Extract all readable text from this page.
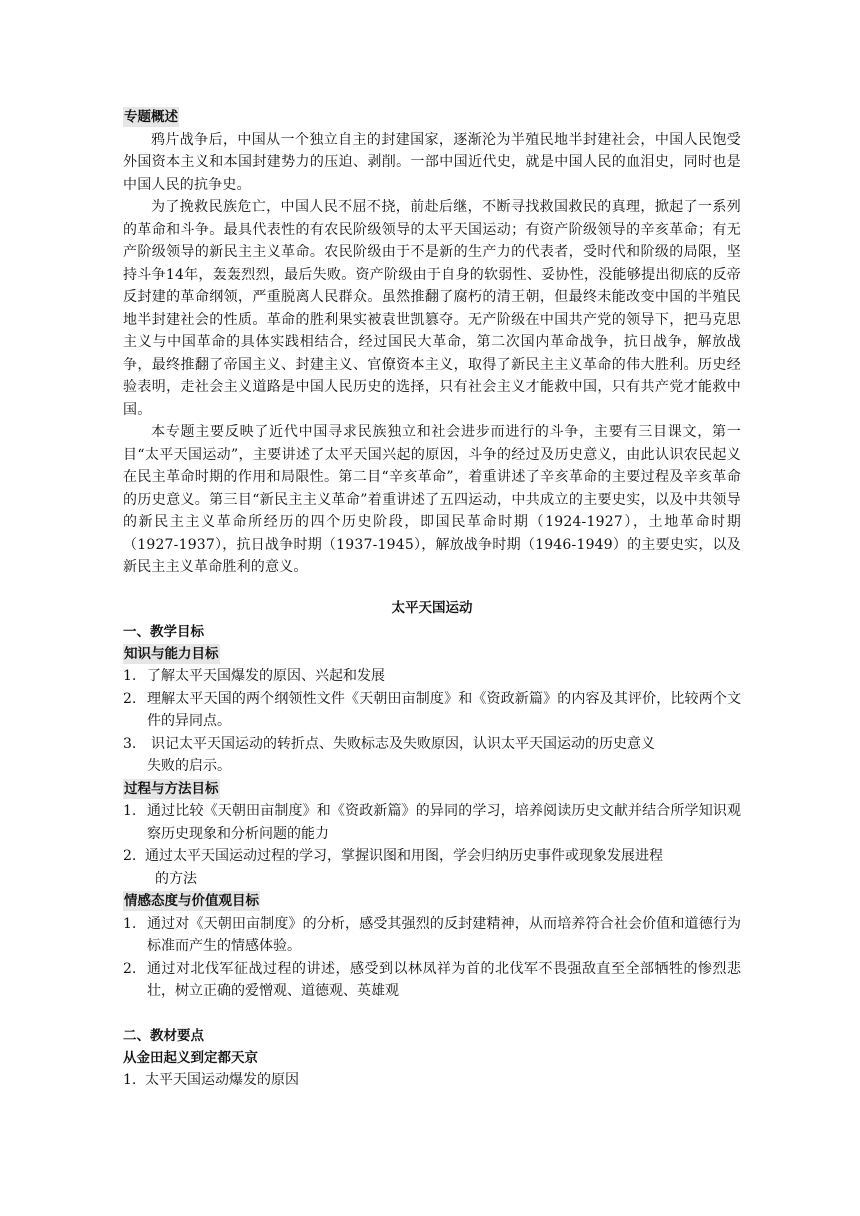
专题概述

鸦片战争后，中国从一个独立自主的封建国家，逐渐沦为半殖民地半封建社会，中国人民饱受外国资本主义和本国封建势力的压迫、剥削。一部中国近代史，就是中国人民的血泪史，同时也是中国人民的抗争史。

为了挽救民族危亡，中国人民不屈不挠，前赴后继，不断寻找救国救民的真理，掀起了一系列的革命和斗争。最具代表性的有农民阶级领导的太平天国运动；有资产阶级领导的辛亥革命；有无产阶级领导的新民主主义革命。农民阶级由于不是新的生产力的代表者，受时代和阶级的局限，坚持斗争14年，轰轰烈烈，最后失败。资产阶级由于自身的软弱性、妥协性，没能够提出彻底的反帝反封建的革命纲领，严重脱离人民群众。虽然推翻了腐朽的清王朝，但最终未能改变中国的半殖民地半封建社会的性质。革命的胜利果实被袁世凯篡夺。无产阶级在中国共产党的领导下，把马克思主义与中国革命的具体实践相结合，经过国民大革命，第二次国内革命战争，抗日战争，解放战争，最终推翻了帝国主义、封建主义、官僚资本主义，取得了新民主主义革命的伟大胜利。历史经验表明，走社会主义道路是中国人民历史的选择，只有社会主义才能救中国，只有共产党才能救中国。

本专题主要反映了近代中国寻求民族独立和社会进步而进行的斗争，主要有三目课文，第一目“太平天国运动”，主要讲述了太平天国兴起的原因，斗争的经过及历史意义，由此认识农民起义在民主革命时期的作用和局限性。第二目“辛亥革命”，着重讲述了辛亥革命的主要过程及辛亥革命的历史意义。第三目“新民主主义革命”着重讲述了五四运动，中共成立的主要史实，以及中共领导的新民主主义革命所经历的四个历史阶段，即国民革命时期（1924-1927），土地革命时期（1927-1937），抗日战争时期（1937-1945），解放战争时期（1946-1949）的主要史实，以及新民主主义革命胜利的意义。

太平天国运动
一、教学目标
知识与能力目标
1. 了解太平天国爆发的原因、兴起和发展
2. 理解太平天国的两个纲领性文件《天朝田亩制度》和《资政新篇》的内容及其评价，比较两个文件的异同点。
3. 识记太平天国运动的转折点、失败标志及失败原因，认识太平天国运动的历史意义
失败的启示。
过程与方法目标
1. 通过比较《天朝田亩制度》和《资政新篇》的异同的学习，培养阅读历史文献并结合所学知识观察历史现象和分析问题的能力
2. 通过太平天国运动过程的学习，掌握识图和用图，学会归纳历史事件或现象发展进程
的方法
情感态度与价值观目标
1. 通过对《天朝田亩制度》的分析，感受其强烈的反封建精神，从而培养符合社会价值和道德行为标准而产生的情感体验。
2. 通过对北伐军征战过程的讲述，感受到以林凤祥为首的北伐军不畏强敌直至全部牺牲的惨烈悲壮，树立正确的爱憎观、道德观、英雄观
二、教材要点
从金田起义到定都天京
1. 太平天国运动爆发的原因
